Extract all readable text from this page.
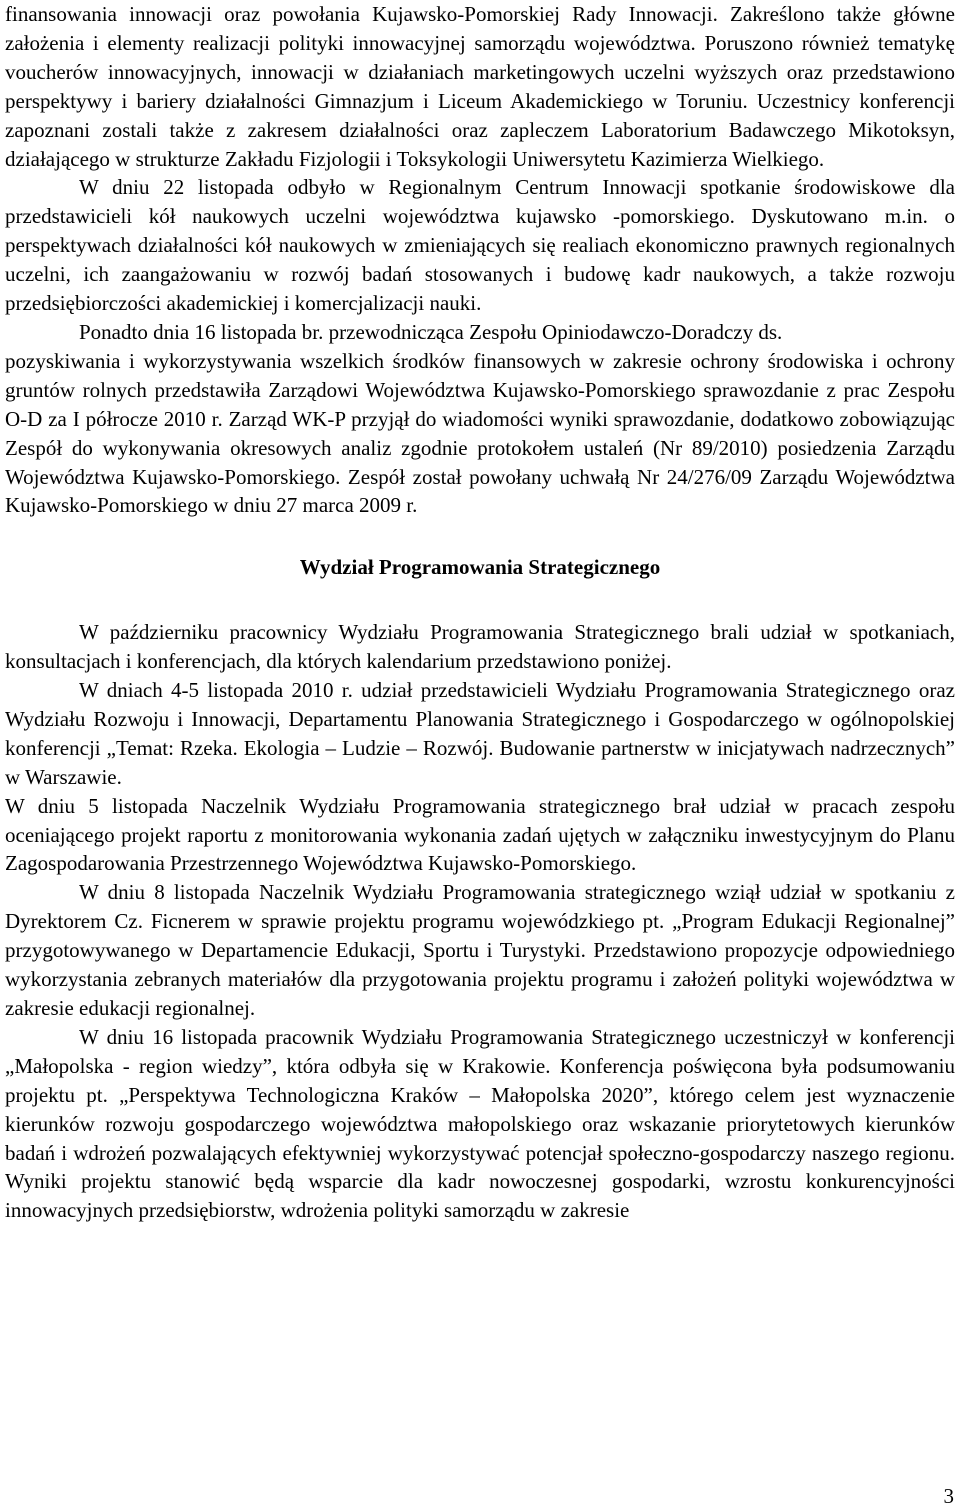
finansowania innowacji oraz powołania Kujawsko-Pomorskiej Rady Innowacji. Zakreślono także główne założenia i elementy realizacji polityki innowacyjnej samorządu województwa. Poruszono również tematykę voucherów innowacyjnych, innowacji w działaniach marketingowych uczelni wyższych oraz przedstawiono perspektywy i bariery działalności Gimnazjum i Liceum Akademickiego w Toruniu. Uczestnicy konferencji zapoznani zostali także z zakresem działalności oraz zapleczem Laboratorium Badawczego Mikotoksyn, działającego w strukturze Zakładu Fizjologii i Toksykologii Uniwersytetu Kazimierza Wielkiego.

W dniu 22 listopada odbyło w Regionalnym Centrum Innowacji spotkanie środowiskowe dla przedstawicieli kół naukowych uczelni województwa kujawsko -pomorskiego. Dyskutowano m.in. o perspektywach działalności kół naukowych w zmieniających się realiach ekonomiczno prawnych regionalnych uczelni, ich zaangażowaniu w rozwój badań stosowanych i budowę kadr naukowych, a także rozwoju przedsiębiorczości akademickiej i komercjalizacji nauki.

Ponadto dnia 16 listopada br. przewodnicząca Zespołu Opiniodawczo-Doradczy ds.

pozyskiwania i wykorzystywania wszelkich środków finansowych w zakresie ochrony środowiska i ochrony gruntów rolnych przedstawiła Zarządowi Województwa Kujawsko-Pomorskiego sprawozdanie z prac Zespołu O-D za I półrocze 2010 r. Zarząd WK-P przyjął do wiadomości wyniki sprawozdanie, dodatkowo zobowiązując Zespół do wykonywania okresowych analiz zgodnie protokołem ustaleń (Nr 89/2010) posiedzenia Zarządu Województwa Kujawsko-Pomorskiego. Zespół został powołany uchwałą Nr 24/276/09 Zarządu Województwa Kujawsko-Pomorskiego w dniu 27 marca 2009 r.

Wydział Programowania Strategicznego

W październiku pracownicy Wydziału Programowania Strategicznego brali udział w spotkaniach, konsultacjach i konferencjach, dla których kalendarium przedstawiono poniżej.

W dniach 4-5 listopada 2010 r. udział przedstawicieli Wydziału Programowania Strategicznego oraz Wydziału Rozwoju i Innowacji, Departamentu Planowania Strategicznego i Gospodarczego w ogólnopolskiej konferencji „Temat: Rzeka. Ekologia – Ludzie – Rozwój. Budowanie partnerstw w inicjatywach nadrzecznych” w Warszawie.

W dniu 5 listopada Naczelnik Wydziału Programowania strategicznego brał udział w pracach zespołu oceniającego projekt raportu z monitorowania wykonania zadań ujętych w załączniku inwestycyjnym do Planu Zagospodarowania Przestrzennego Województwa Kujawsko-Pomorskiego.

W dniu 8 listopada Naczelnik Wydziału Programowania strategicznego wziął udział w spotkaniu z Dyrektorem Cz. Ficnerem w sprawie projektu programu wojewódzkiego pt. „Program Edukacji Regionalnej” przygotowywanego w Departamencie Edukacji, Sportu i Turystyki. Przedstawiono propozycje odpowiedniego wykorzystania zebranych materiałów dla przygotowania projektu programu i założeń polityki województwa w zakresie edukacji regionalnej.

W dniu 16 listopada pracownik Wydziału Programowania Strategicznego uczestniczył w konferencji „Małopolska - region wiedzy”, która odbyła się w Krakowie. Konferencja poświęcona była podsumowaniu projektu pt. „Perspektywa Technologiczna Kraków – Małopolska 2020”, którego celem jest wyznaczenie kierunków rozwoju gospodarczego województwa małopolskiego oraz wskazanie priorytetowych kierunków badań i wdrożeń pozwalających efektywniej wykorzystywać potencjał społeczno-gospodarczy naszego regionu. Wyniki projektu stanowić będą wsparcie dla kadr nowoczesnej gospodarki, wzrostu konkurencyjności innowacyjnych przedsiębiorstw, wdrożenia polityki samorządu w zakresie

3
